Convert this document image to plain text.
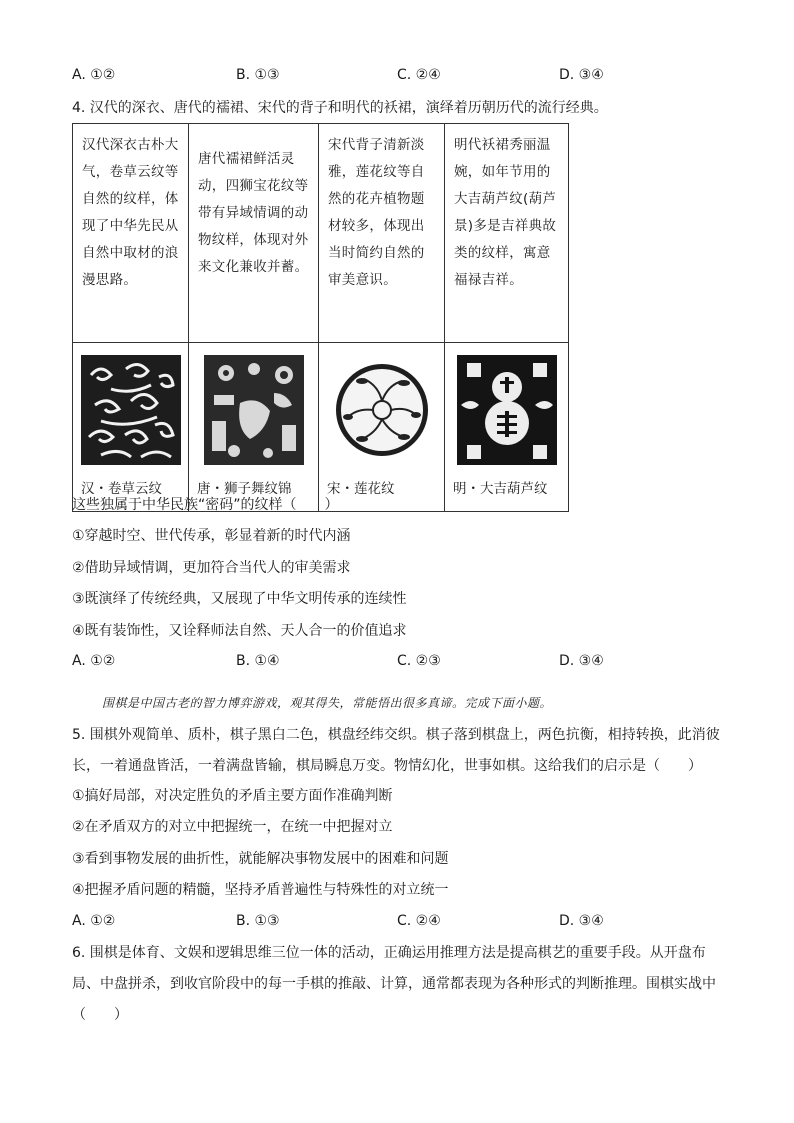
A. ①②	B. ①③	C. ②④	D. ③④
4. 汉代的深衣、唐代的襦裙、宋代的背子和明代的袄裙，演绎着历朝历代的流行经典。
汉代深衣古朴大气，卷草云纹等自然的纹样，体现了中华先民从自然中取材的浪漫思路。	唐代襦裙鲜活灵动，四狮宝花纹等带有异域情调的动物纹样，体现对外来文化兼收并蓄。	宋代背子清新淡雅，莲花纹等自然的花卉植物题材较多，体现出当时简约自然的审美意识。	明代袄裙秀丽温婉，如年节用的大吉葫芦纹(葫芦景)多是吉祥典故类的纹样，寓意福禄吉祥。

汉・卷草云纹	唐・狮子舞纹锦	宋・莲花纹	明・大吉葫芦纹
这些独属于中华民族“密码”的纹样（　　）
①穿越时空、世代传承，彰显着新的时代内涵
②借助异域情调，更加符合当代人的审美需求
③既演绎了传统经典，又展现了中华文明传承的连续性
④既有装饰性，又诠释师法自然、天人合一的价值追求
A. ①②	B. ①④	C. ②③	D. ③④
围棋是中国古老的智力博弈游戏，观其得失，常能悟出很多真谛。完成下面小题。
5. 围棋外观简单、质朴，棋子黑白二色，棋盘经纬交织。棋子落到棋盘上，两色抗衡，相持转换，此消彼长，一着通盘皆活，一着满盘皆输，棋局瞬息万变。物情幻化，世事如棋。这给我们的启示是（　　）
①搞好局部，对决定胜负的矛盾主要方面作准确判断
②在矛盾双方的对立中把握统一，在统一中把握对立
③看到事物发展的曲折性，就能解决事物发展中的困难和问题
④把握矛盾问题的精髓，坚持矛盾普遍性与特殊性的对立统一
A. ①②	B. ①③	C. ②④	D. ③④
6. 围棋是体育、文娱和逻辑思维三位一体的活动，正确运用推理方法是提高棋艺的重要手段。从开盘布局、中盘拼杀，到收官阶段中的每一手棋的推敲、计算，通常都表现为各种形式的判断推理。围棋实战中（　　）
